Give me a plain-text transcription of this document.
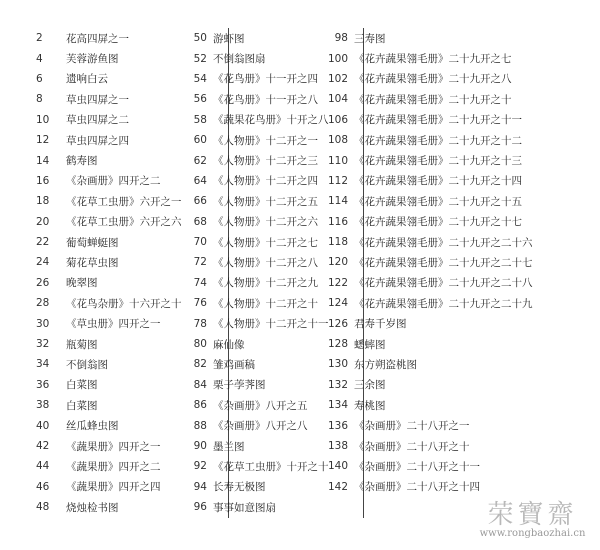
2	花高四屏之一
4	芙蓉游鱼图
6	遗响白云
8	草虫四屏之一
10	草虫四屏之二
12	草虫四屏之四
14	鹤寿图
16	《杂画册》四开之二
18	《花草工虫册》六开之一
20	《花草工虫册》六开之六
22	葡萄蝉蜓图
24	菊花草虫图
26	晚翠图
28	《花鸟杂册》十六开之十
30	《草虫册》四开之一
32	瓶菊图
34	不倒翁图
36	白菜图
38	白菜图
40	丝瓜蜂虫图
42	《蔬果册》四开之一
44	《蔬果册》四开之二
46	《蔬果册》四开之四
48	烧烛检书图
50 游虾图
52 不倒翁图扇
54 《花鸟册》十一开之四
56 《花鸟册》十一开之八
58 《蔬果花鸟册》十开之八
60 《人物册》十二开之一
62 《人物册》十二开之三
64 《人物册》十二开之四
66 《人物册》十二开之五
68 《人物册》十二开之六
70 《人物册》十二开之七
72 《人物册》十二开之八
74 《人物册》十二开之九
76 《人物册》十二开之十
78 《人物册》十二开之十一
80 麻仙像
82 雏鸡画稿
84 栗子荸荠图
86 《杂画册》八开之五
88 《杂画册》八开之八
90 墨兰图
92 《花草工虫册》十开之十
94 长寿无极图
96 事事如意图扇
98 三寿图
100 《花卉蔬果翎毛册》二十九开之七
102 《花卉蔬果翎毛册》二十九开之八
104 《花卉蔬果翎毛册》二十九开之十
106 《花卉蔬果翎毛册》二十九开之十一
108 《花卉蔬果翎毛册》二十九开之十二
110 《花卉蔬果翎毛册》二十九开之十三
112 《花卉蔬果翎毛册》二十九开之十四
114 《花卉蔬果翎毛册》二十九开之十五
116 《花卉蔬果翎毛册》二十九开之十七
118 《花卉蔬果翎毛册》二十九开之二十六
120 《花卉蔬果翎毛册》二十九开之二十七
122 《花卉蔬果翎毛册》二十九开之二十八
124 《花卉蔬果翎毛册》二十九开之二十九
126 君寿千岁图
128 蟋蟀图
130 东方朔盗桃图
132 三余图
134 寿桃图
136 《杂画册》二十八开之一
138 《杂画册》二十八开之十
140 《杂画册》二十八开之十一
142 《杂画册》二十八开之十四
荣寶齋
www.rongbaozhai.cn
